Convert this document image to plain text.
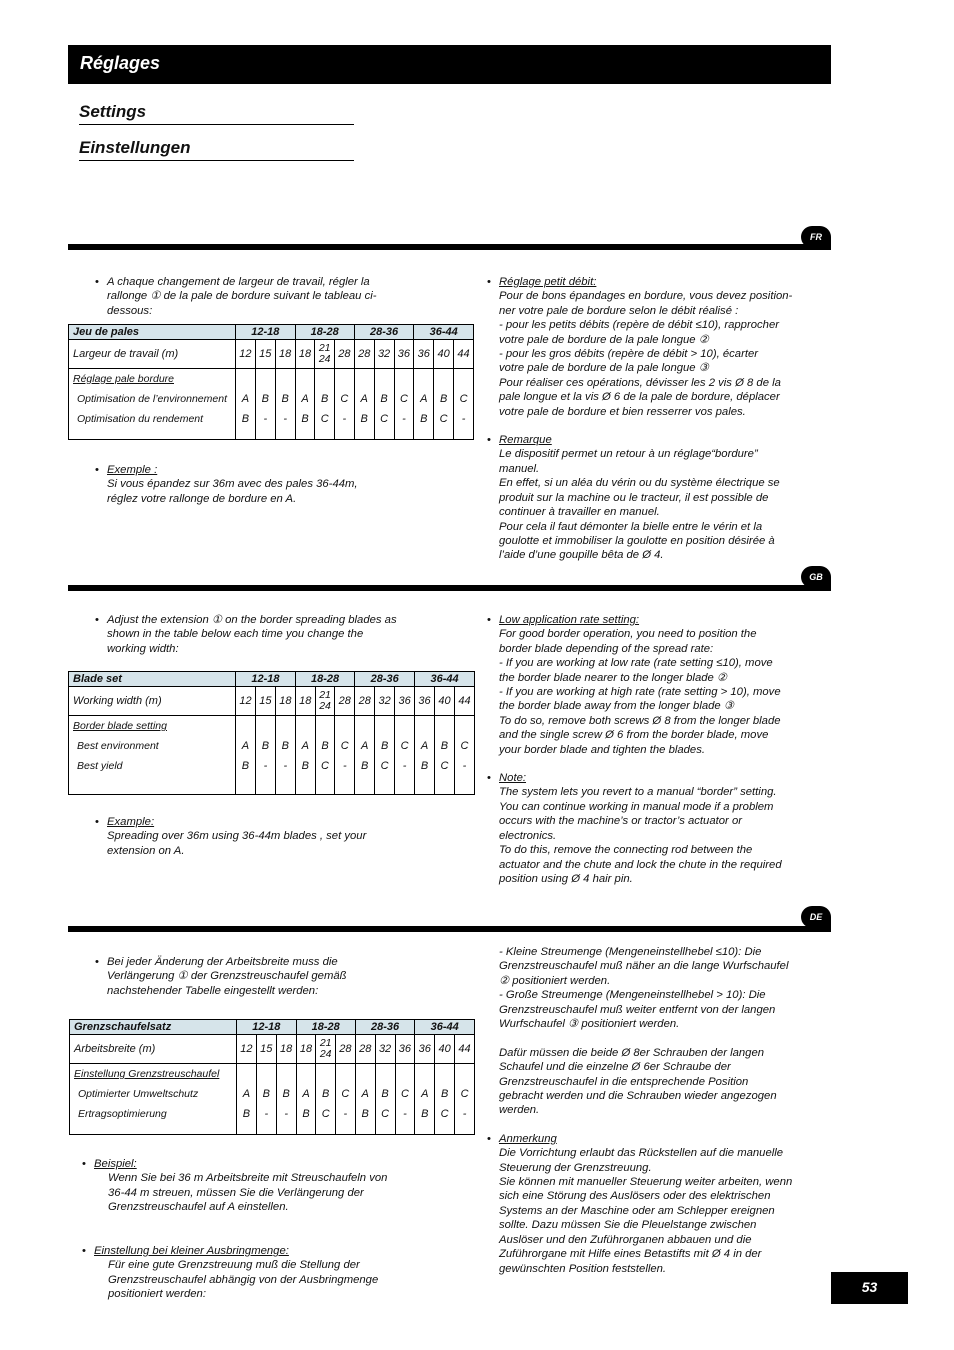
Réglages
Settings
Einstellungen
FR

• A chaque changement de largeur de travail, régler la

rallonge ① de la pale de bordure suivant le tableau ci-

dessous:

Jeu de pales	12-18			18-28			28-36			36-44		
Largeur de travail (m)	12	15	18	18	21 24	28	28	32	36	36	40	44
Réglage pale bordure												
Optimisation de l’environnement	A	B	B	A	B	C	A	B	C	A	B	C
Optimisation du rendement	B	-	-	B	C	-	B	C	-	B	C	-

• Exemple :

Si vous épandez sur 36m avec des pales 36-44m,

réglez votre rallonge de bordure en A.

• Réglage petit débit:

Pour de bons épandages en bordure, vous devez position-

ner votre pale de bordure selon le débit réalisé :

- pour les petits débits (repère de débit ≤10), rapprocher

votre pale de bordure de la pale longue ②

- pour les gros débits (repère de débit > 10), écarter

votre pale de bordure de la pale longue ③

Pour réaliser ces opérations, dévisser les 2 vis Ø 8 de la

pale longue et la vis Ø 6 de la pale de bordure, déplacer

votre pale de bordure et bien resserrer vos pales.

• Remarque

Le dispositif permet un retour à un réglage“bordure”

manuel.

En effet, si un aléa du vérin ou du système électrique se

produit sur la machine ou le tracteur, il est possible de

continuer à travailler en manuel.

Pour cela il faut démonter la bielle entre le vérin et la

goulotte et immobiliser la goulotte en position désirée à

l’aide d’une goupille bêta de Ø 4.

GB

• Adjust the extension ① on the border spreading blades as

shown in the table below each time you change the

working width:

Blade set	12-18			18-28			28-36			36-44		
Working width (m)	12	15	18	18	21 24	28	28	32	36	36	40	44
Border blade setting												
Best environment	A	B	B	A	B	C	A	B	C	A	B	C
Best yield	B	-	-	B	C	-	B	C	-	B	C	-

• Example:

Spreading over 36m using 36-44m blades , set your

extension on A.

• Low application rate setting:

For good border operation, you need to position the

border blade depending of the spread rate:

- If you are working at low rate (rate setting ≤10), move

the border blade nearer to the longer blade ②

- If you are working at high rate (rate setting > 10), move

the border blade away from the longer blade ③

To do so, remove both screws Ø 8 from the longer blade

and the single screw Ø 6 from the border blade, move

your border blade and tighten the blades.

• Note:

The system lets you revert to a manual “border” setting.

You can continue working in manual mode if a problem

occurs with the machine’s or tractor’s actuator or

electronics.

To do this, remove the connecting rod between the

actuator and the chute and lock the chute in the required

position using Ø 4 hair pin.

DE

• Bei jeder Änderung der Arbeitsbreite muss die

Verlängerung ① der Grenzstreuschaufel gemäß

nachstehender Tabelle eingestellt werden:

Grenzschaufelsatz	12-18			18-28			28-36			36-44		
Arbeitsbreite (m)	12	15	18	18	21 24	28	28	32	36	36	40	44
Einstellung Grenzstreuschaufel												
Optimierter Umweltschutz	A	B	B	A	B	C	A	B	C	A	B	C
Ertragsoptimierung	B	-	-	B	C	-	B	C	-	B	C	-

• Beispiel:

Wenn Sie bei 36 m Arbeitsbreite mit Streuschaufeln von

36-44 m streuen, müssen Sie die Verlängerung der

Grenzstreuschaufel auf A einstellen.

• Einstellung bei kleiner Ausbringmenge:

Für eine gute Grenzstreuung muß die Stellung der

Grenzstreuschaufel abhängig von der Ausbringmenge

positioniert werden:

- Kleine Streumenge (Mengeneinstellhebel ≤10): Die

Grenzstreuschaufel muß näher an die lange Wurfschaufel

② positioniert werden.

- Große Streumenge (Mengeneinstellhebel > 10): Die

Grenzstreuschaufel muß weiter entfernt von der langen

Wurfschaufel ③ positioniert werden.

Dafür müssen die beide Ø 8er Schrauben der langen

Schaufel und die einzelne Ø 6er Schraube der

Grenzstreuschaufel in die entsprechende Position

gebracht werden und die Schrauben wieder angezogen

werden.

• Anmerkung

Die Vorrichtung erlaubt das Rückstellen auf die manuelle

Steuerung der Grenzstreuung.

Sie können mit manueller Steuerung weiter arbeiten, wenn

sich eine Störung des Auslösers oder des elektrischen

Systems an der Maschine oder am Schlepper ereignen

sollte. Dazu müssen Sie die Pleuelstange zwischen

Auslöser und den Zuführorganen abbauen und die

Zuführorgane mit Hilfe eines Betastifts mit Ø 4 in der

gewünschten Position feststellen.

53
